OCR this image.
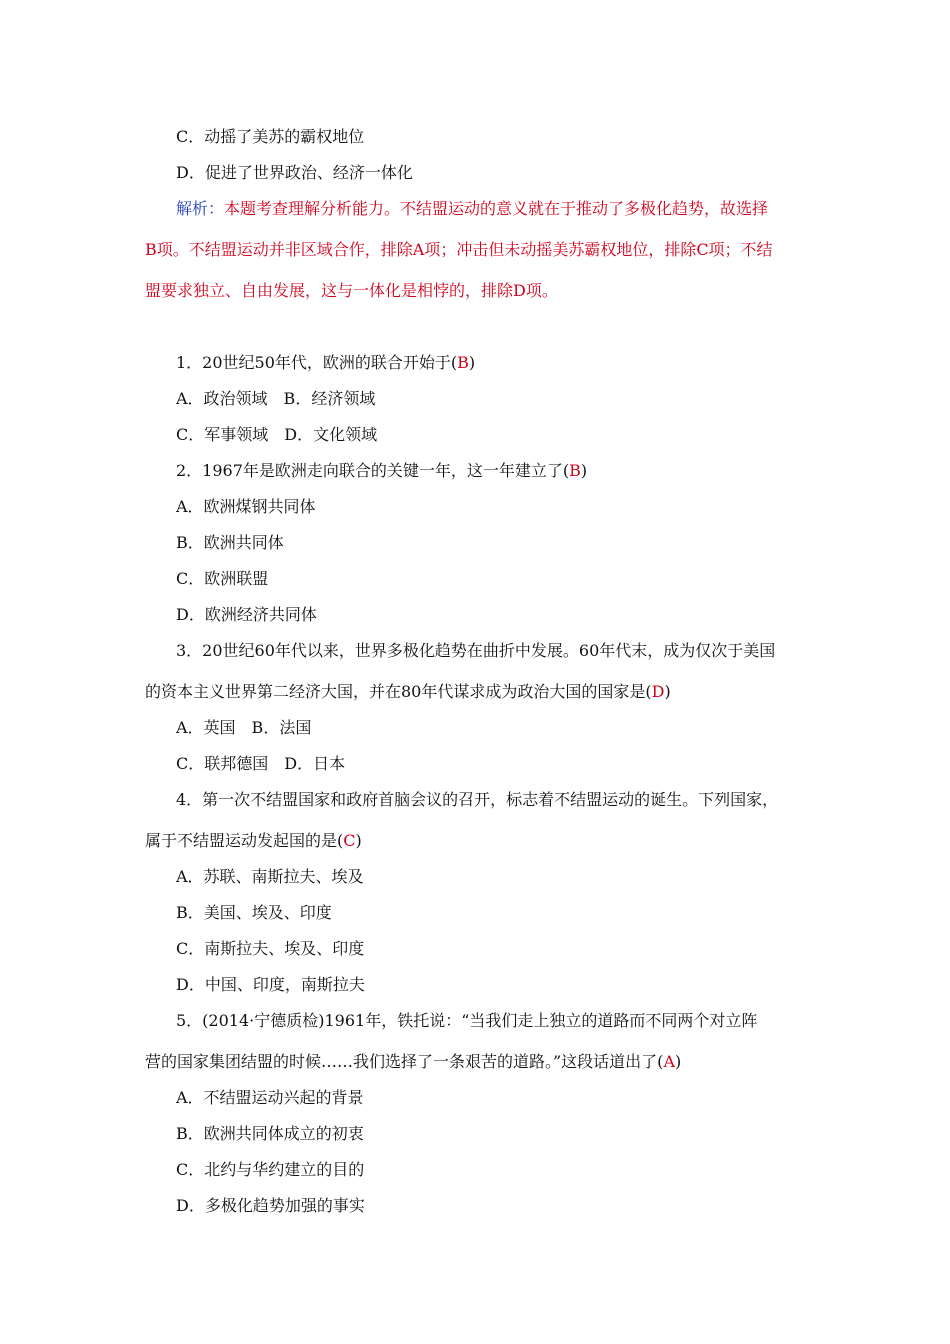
C．动摇了美苏的霸权地位
D．促进了世界政治、经济一体化
解析：本题考查理解分析能力。不结盟运动的意义就在于推动了多极化趋势，故选择
B项。不结盟运动并非区域合作，排除A项；冲击但未动摇美苏霸权地位，排除C项；不结
盟要求独立、自由发展，这与一体化是相悖的，排除D项。
1．20世纪50年代，欧洲的联合开始于(B)
A．政治领域　B．经济领域
C．军事领域　D．文化领域
2．1967年是欧洲走向联合的关键一年，这一年建立了(B)
A．欧洲煤钢共同体
B．欧洲共同体
C．欧洲联盟
D．欧洲经济共同体
3．20世纪60年代以来，世界多极化趋势在曲折中发展。60年代末，成为仅次于美国
的资本主义世界第二经济大国，并在80年代谋求成为政治大国的国家是(D)
A．英国　B．法国
C．联邦德国　D．日本
4．第一次不结盟国家和政府首脑会议的召开，标志着不结盟运动的诞生。下列国家，
属于不结盟运动发起国的是(C)
A．苏联、南斯拉夫、埃及
B．美国、埃及、印度
C．南斯拉夫、埃及、印度
D．中国、印度，南斯拉夫
5．(2014·宁德质检)1961年，铁托说：“当我们走上独立的道路而不同两个对立阵
营的国家集团结盟的时候……我们选择了一条艰苦的道路。”这段话道出了(A)
A．不结盟运动兴起的背景
B．欧洲共同体成立的初衷
C．北约与华约建立的目的
D．多极化趋势加强的事实
